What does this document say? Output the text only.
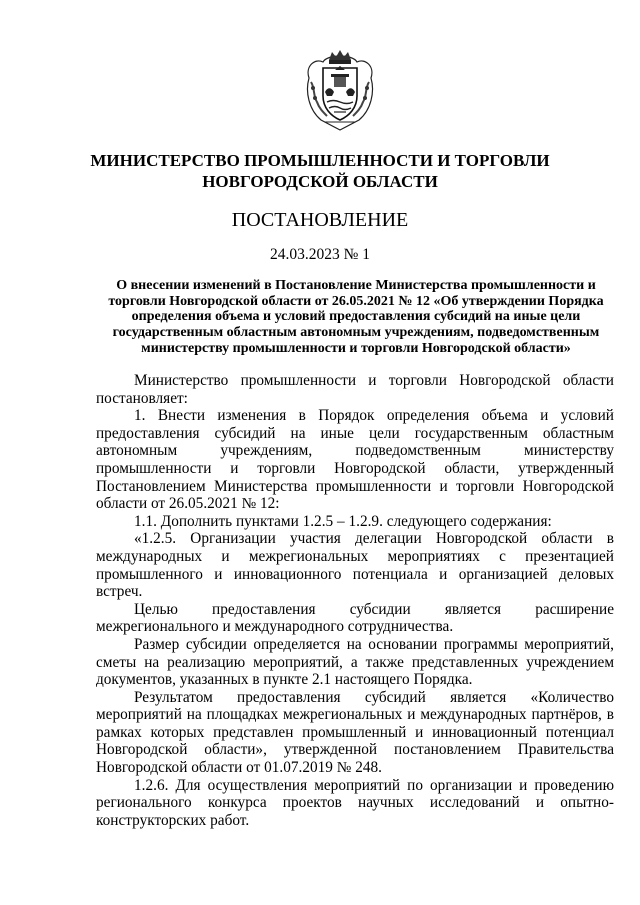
МИНИСТЕРСТВО ПРОМЫШЛЕННОСТИ И ТОРГОВЛИ
НОВГОРОДСКОЙ ОБЛАСТИ
ПОСТАНОВЛЕНИЕ
24.03.2023 № 1
О внесении изменений в Постановление Министерства промышленности и торговли Новгородской области от 26.05.2021 № 12 «Об утверждении Порядка определения объема и условий предоставления субсидий на иные цели государственным областным автономным учреждениям, подведомственным министерству промышленности и торговли Новгородской области»

Министерство промышленности и торговли Новгородской области постановляет:

1. Внести изменения в Порядок определения объема и условий предоставления субсидий на иные цели государственным областным автономным учреждениям, подведомственным министерству промышленности и торговли Новгородской области, утвержденный Постановлением Министерства промышленности и торговли Новгородской области от 26.05.2021 № 12:

1.1. Дополнить пунктами 1.2.5 – 1.2.9. следующего содержания:

«1.2.5. Организации участия делегации Новгородской области в международных и межрегиональных мероприятиях с презентацией промышленного и инновационного потенциала и организацией деловых встреч.

Целью предоставления субсидии является расширение межрегионального и международного сотрудничества.

Размер субсидии определяется на основании программы мероприятий, сметы на реализацию мероприятий, а также представленных учреждением документов, указанных в пункте 2.1 настоящего Порядка.

Результатом предоставления субсидий является «Количество мероприятий на площадках межрегиональных и международных партнёров, в рамках которых представлен промышленный и инновационный потенциал Новгородской области», утвержденной постановлением Правительства Новгородской области от 01.07.2019 № 248.

1.2.6. Для осуществления мероприятий по организации и проведению регионального конкурса проектов научных исследований и опытно-конструкторских работ.
